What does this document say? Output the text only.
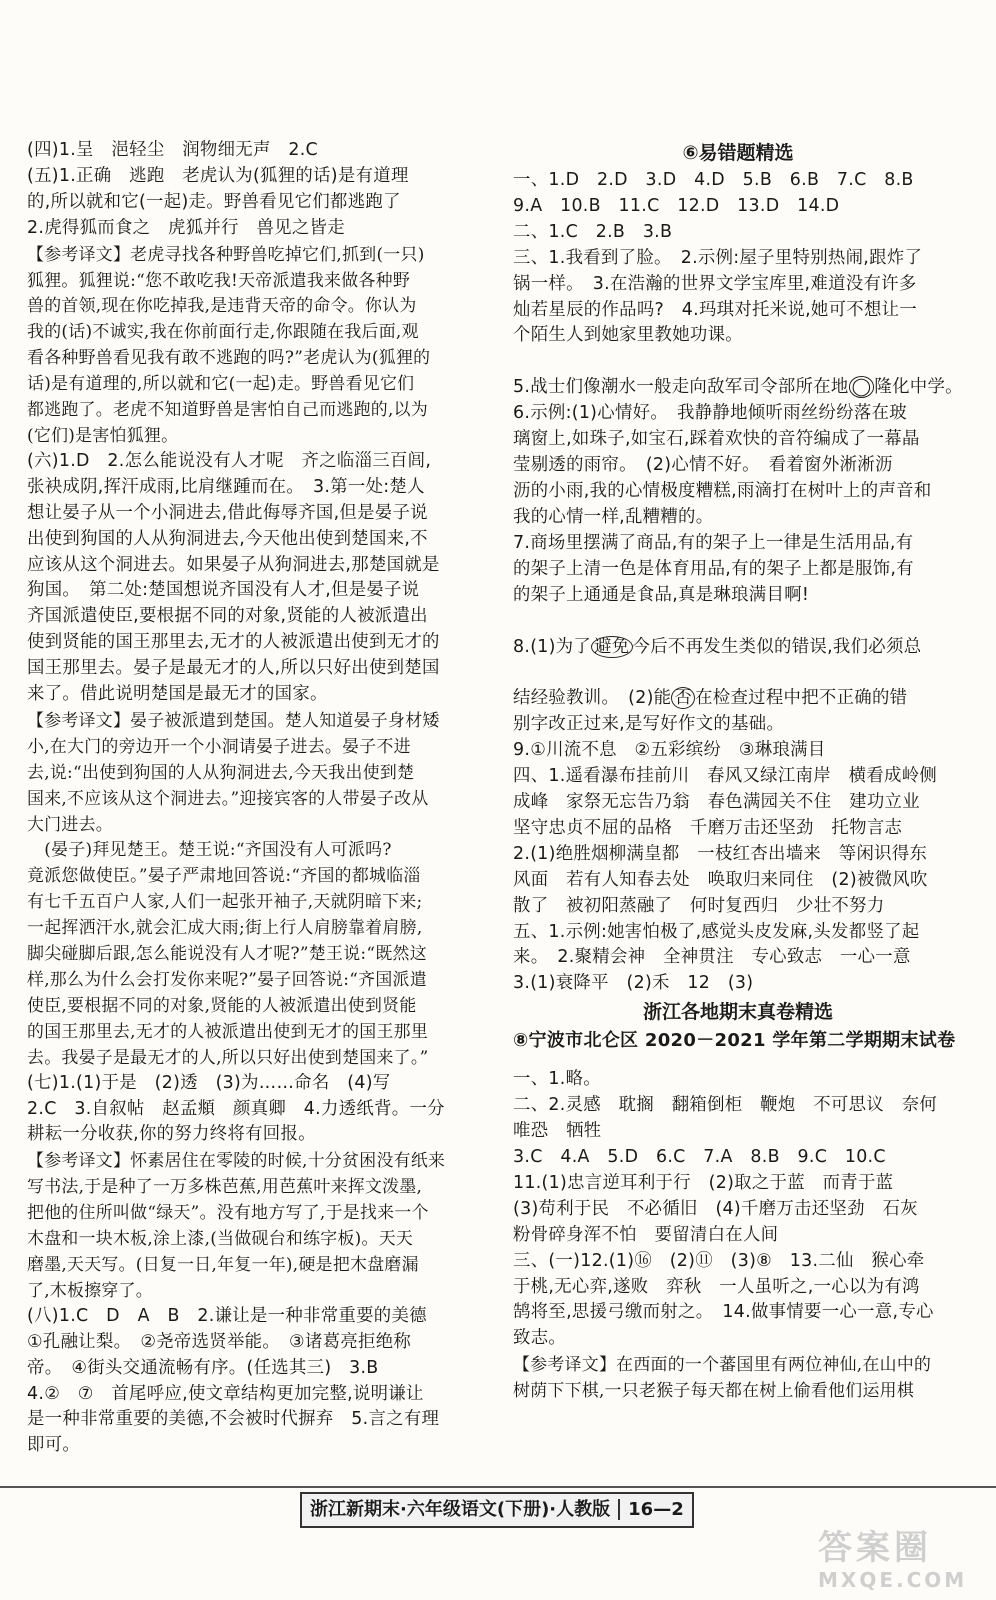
(四)1.呈　浥轻尘　润物细无声　2.C
(五)1.正确　逃跑　老虎认为(狐狸的话)是有道理
的,所以就和它(一起)走。野兽看见它们都逃跑了
2.虎得狐而食之　虎狐并行　兽见之皆走
【参考译文】老虎寻找各种野兽吃掉它们,抓到(一只)
狐狸。狐狸说:“您不敢吃我!天帝派遣我来做各种野
兽的首领,现在你吃掉我,是违背天帝的命令。你认为
我的(话)不诚实,我在你前面行走,你跟随在我后面,观
看各种野兽看见我有敢不逃跑的吗?”老虎认为(狐狸的
话)是有道理的,所以就和它(一起)走。野兽看见它们
都逃跑了。老虎不知道野兽是害怕自己而逃跑的,以为
(它们)是害怕狐狸。
(六)1.D　2.怎么能说没有人才呢　齐之临淄三百闾,
张袂成阴,挥汗成雨,比肩继踵而在。　3.第一处:楚人
想让晏子从一个小洞进去,借此侮辱齐国,但是晏子说
出使到狗国的人从狗洞进去,今天他出使到楚国来,不
应该从这个洞进去。如果晏子从狗洞进去,那楚国就是
狗国。　第二处:楚国想说齐国没有人才,但是晏子说
齐国派遣使臣,要根据不同的对象,贤能的人被派遣出
使到贤能的国王那里去,无才的人被派遣出使到无才的
国王那里去。晏子是最无才的人,所以只好出使到楚国
来了。借此说明楚国是最无才的国家。
【参考译文】晏子被派遣到楚国。楚人知道晏子身材矮
小,在大门的旁边开一个小洞请晏子进去。晏子不进
去,说:“出使到狗国的人从狗洞进去,今天我出使到楚
国来,不应该从这个洞进去。”迎接宾客的人带晏子改从
大门进去。
　(晏子)拜见楚王。楚王说:“齐国没有人可派吗?
竟派您做使臣。”晏子严肃地回答说:“齐国的都城临淄
有七千五百户人家,人们一起张开袖子,天就阴暗下来;
一起挥洒汗水,就会汇成大雨;街上行人肩膀靠着肩膀,
脚尖碰脚后跟,怎么能说没有人才呢?”楚王说:“既然这
样,那么为什么会打发你来呢?”晏子回答说:“齐国派遣
使臣,要根据不同的对象,贤能的人被派遣出使到贤能
的国王那里去,无才的人被派遣出使到无才的国王那里
去。我晏子是最无才的人,所以只好出使到楚国来了。”
(七)1.(1)于是　(2)透　(3)为……命名　(4)写
2.C　3.自叙帖　赵孟頫　颜真卿　4.力透纸背。一分
耕耘一分收获,你的努力终将有回报。
【参考译文】怀素居住在零陵的时候,十分贫困没有纸来
写书法,于是种了一万多株芭蕉,用芭蕉叶来挥文泼墨,
把他的住所叫做“绿天”。没有地方写了,于是找来一个
木盘和一块木板,涂上漆,(当做砚台和练字板)。天天
磨墨,天天写。(日复一日,年复一年),硬是把木盘磨漏
了,木板擦穿了。
(八)1.C　D　A　B　2.谦让是一种非常重要的美德
①孔融让梨。　②尧帝选贤举能。　③诸葛亮拒绝称
帝。　④街头交通流畅有序。(任选其三)　3.B
4.②　⑦　首尾呼应,使文章结构更加完整,说明谦让
是一种非常重要的美德,不会被时代摒弃　5.言之有理
即可。
⑥易错题精选
一、1.D　2.D　3.D　4.D　5.B　6.B　7.C　8.B
9.A　10.B　11.C　12.D　13.D　14.D
二、1.C　2.B　3.B
三、1.我看到了脸。　2.示例:屋子里特别热闹,跟炸了
锅一样。　3.在浩瀚的世界文学宝库里,难道没有许多
灿若星辰的作品吗?　4.玛琪对托米说,她可不想让一
个陌生人到她家里教她功课。
5.战士们像潮水一般走向敌军司令部所在地 ◯ 隆化中学。
6.示例:(1)心情好。　我静静地倾听雨丝纷纷落在玻
璃窗上,如珠子,如宝石,踩着欢快的音符编成了一幕晶
莹剔透的雨帘。　(2)心情不好。　看着窗外淅淅沥
沥的小雨,我的心情极度糟糕,雨滴打在树叶上的声音和
我的心情一样,乱糟糟的。
7.商场里摆满了商品,有的架子上一律是生活用品,有
的架子上清一色是体育用品,有的架子上都是服饰,有
的架子上通通是食品,真是琳琅满目啊!
8.(1)为了 避免 今后不再发生类似的错误,我们必须总
结经验教训。　(2)能 否 在检查过程中把不正确的错
别字改正过来,是写好作文的基础。
9.①川流不息　②五彩缤纷　③琳琅满目
四、1.遥看瀑布挂前川　春风又绿江南岸　横看成岭侧
成峰　家祭无忘告乃翁　春色满园关不住　建功立业
坚守忠贞不屈的品格　千磨万击还坚劲　托物言志
2.(1)绝胜烟柳满皇都　一枝红杏出墙来　等闲识得东
风面　若有人知春去处　唤取归来同住　(2)被微风吹
散了　被初阳蒸融了　何时复西归　少壮不努力
五、1.示例:她害怕极了,感觉头皮发麻,头发都竖了起
来。　2.聚精会神　全神贯注　专心致志　一心一意
3.(1)衰降平　(2)禾　12　(3)
浙江各地期末真卷精选
⑧宁波市北仑区 2020－2021 学年第二学期期末试卷
一、1.略。
二、2.灵感　耽搁　翻箱倒柜　鞭炮　不可思议　奈何
唯恐　牺牲
3.C　4.A　5.D　6.C　7.A　8.B　9.C　10.C
11.(1)忠言逆耳利于行　(2)取之于蓝　而青于蓝
(3)苟利于民　不必循旧　(4)千磨万击还坚劲　石灰
粉骨碎身浑不怕　要留清白在人间
三、(一)12.(1)⑯　(2)⑪　(3)⑧　13.二仙　猴心牵
于桃,无心弈,遂败　弈秋　一人虽听之,一心以为有鸿
鹄将至,思援弓缴而射之。　14.做事情要一心一意,专心
致志。
【参考译文】在西面的一个蕃国里有两位神仙,在山中的
树荫下下棋,一只老猴子每天都在树上偷看他们运用棋
浙江新期末·六年级语文(下册)·人教版 16—2
答案圈
MXQE.COM
